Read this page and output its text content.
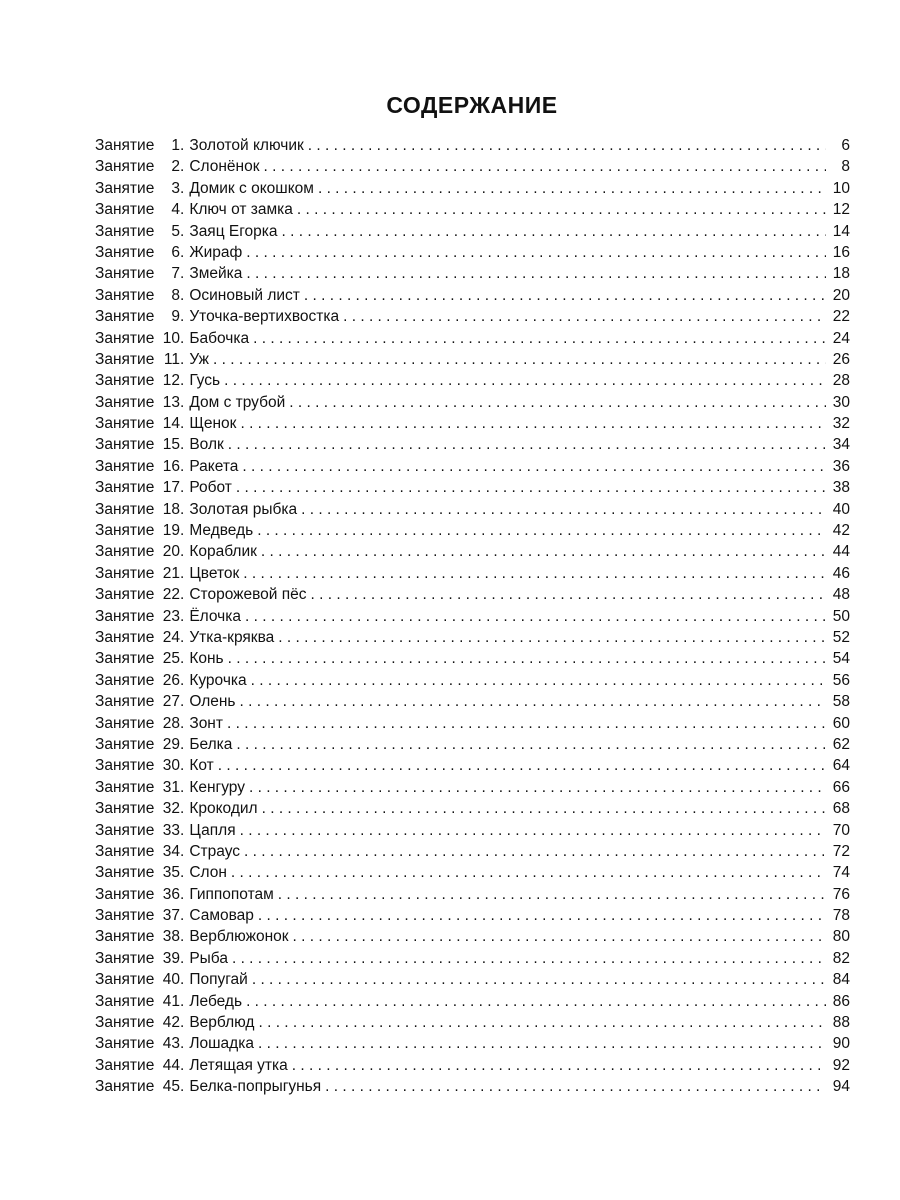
СОДЕРЖАНИЕ
Занятие	1. Золотой ключик . . .	6
Занятие	2. Слонёнок . . .	8
Занятие	3. Домик с окошком . . .	10
Занятие	4. Ключ от замка . . .	12
Занятие	5. Заяц Егорка . . .	14
Занятие	6. Жираф . . .	16
Занятие	7. Змейка . . .	18
Занятие	8. Осиновый лист . . .	20
Занятие	9. Уточка-вертихвостка . . .	22
Занятие 10. Бабочка . . .	24
Занятие 11. Уж . . .	26
Занятие 12. Гусь . . .	28
Занятие 13. Дом с трубой . . .	30
Занятие 14. Щенок . . .	32
Занятие 15. Волк . . .	34
Занятие 16. Ракета . . .	36
Занятие 17. Робот . . .	38
Занятие 18. Золотая рыбка . . .	40
Занятие 19. Медведь . . .	42
Занятие 20. Кораблик . . .	44
Занятие 21. Цветок . . .	46
Занятие 22. Сторожевой пёс . . .	48
Занятие 23. Ёлочка . . .	50
Занятие 24. Утка-кряква . . .	52
Занятие 25. Конь . . .	54
Занятие 26. Курочка . . .	56
Занятие 27. Олень . . .	58
Занятие 28. Зонт . . .	60
Занятие 29. Белка . . .	62
Занятие 30. Кот . . .	64
Занятие 31. Кенгуру . . .	66
Занятие 32. Крокодил . . .	68
Занятие 33. Цапля . . .	70
Занятие 34. Страус . . .	72
Занятие 35. Слон . . .	74
Занятие 36. Гиппопотам . . .	76
Занятие 37. Самовар . . .	78
Занятие 38. Верблюжонок . . .	80
Занятие 39. Рыба . . .	82
Занятие 40. Попугай . . .	84
Занятие 41. Лебедь . . .	86
Занятие 42. Верблюд . . .	88
Занятие 43. Лошадка . . .	90
Занятие 44. Летящая утка . . .	92
Занятие 45. Белка-попрыгунья . . .	94
